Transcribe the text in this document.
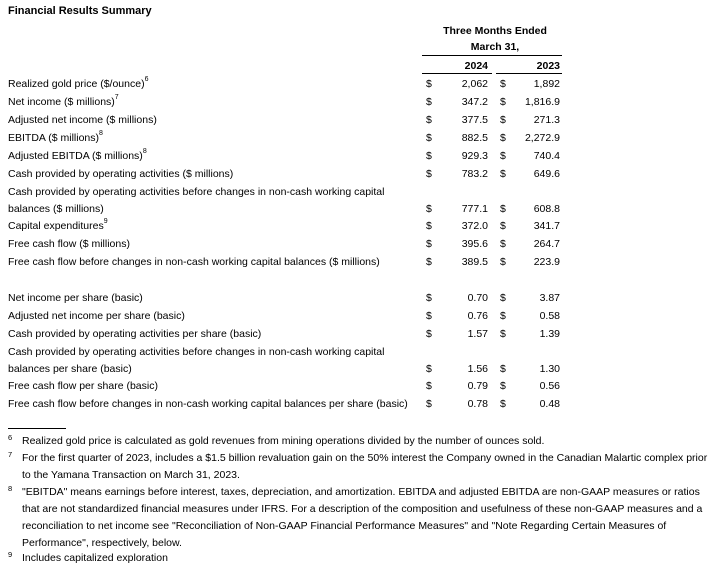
Financial Results Summary
Three Months Ended
March 31,
2024	2023
Realized gold price ($/ounce)$^6$	$	2,062 $	1,892
Net income ($ millions)$^7$	$	347.2 $ 1,816.9
Adjusted net income ($ millions)	$	377.5 $	271.3
EBITDA ($ millions)$^8$	$	882.5 $ 2,272.9
Adjusted EBITDA ($ millions)$^8$	$	929.3 $	740.4
Cash provided by operating activities ($ millions)	$	783.2 $	649.6
Cash provided by operating activities before changes in non-cash working capital
balances ($ millions)	$	777.1 $	608.8
Capital expenditures$^9$	$	372.0 $	341.7
Free cash flow ($ millions)	$	395.6 $	264.7
Free cash flow before changes in non-cash working capital balances ($ millions)	$	389.5 $	223.9
Net income per share (basic)	$	0.70 $	3.87
Adjusted net income per share (basic)	$	0.76 $	0.58
Cash provided by operating activities per share (basic)	$	1.57 $	1.39
Cash provided by operating activities before changes in non-cash working capital
balances per share (basic)	$	1.56 $	1.30
Free cash flow per share (basic)	$	0.79 $	0.56
Free cash flow before changes in non-cash working capital balances per share (basic) $	0.78 $	0.48
6 Realized gold price is calculated as gold revenues from mining operations divided by the number of ounces sold.
7 For the first quarter of 2023, includes a $1.5 billion revaluation gain on the 50% interest the Company owned in the Canadian Malartic complex prior
to the Yamana Transaction on March 31, 2023.
8 "EBITDA" means earnings before interest, taxes, depreciation, and amortization. EBITDA and adjusted EBITDA are non-GAAP measures or ratios
that are not standardized financial measures under IFRS. For a description of the composition and usefulness of these non-GAAP measures and a
reconciliation to net income see "Reconciliation of Non-GAAP Financial Performance Measures" and "Note Regarding Certain Measures of
Performance", respectively, below.
9 Includes capitalized exploration
